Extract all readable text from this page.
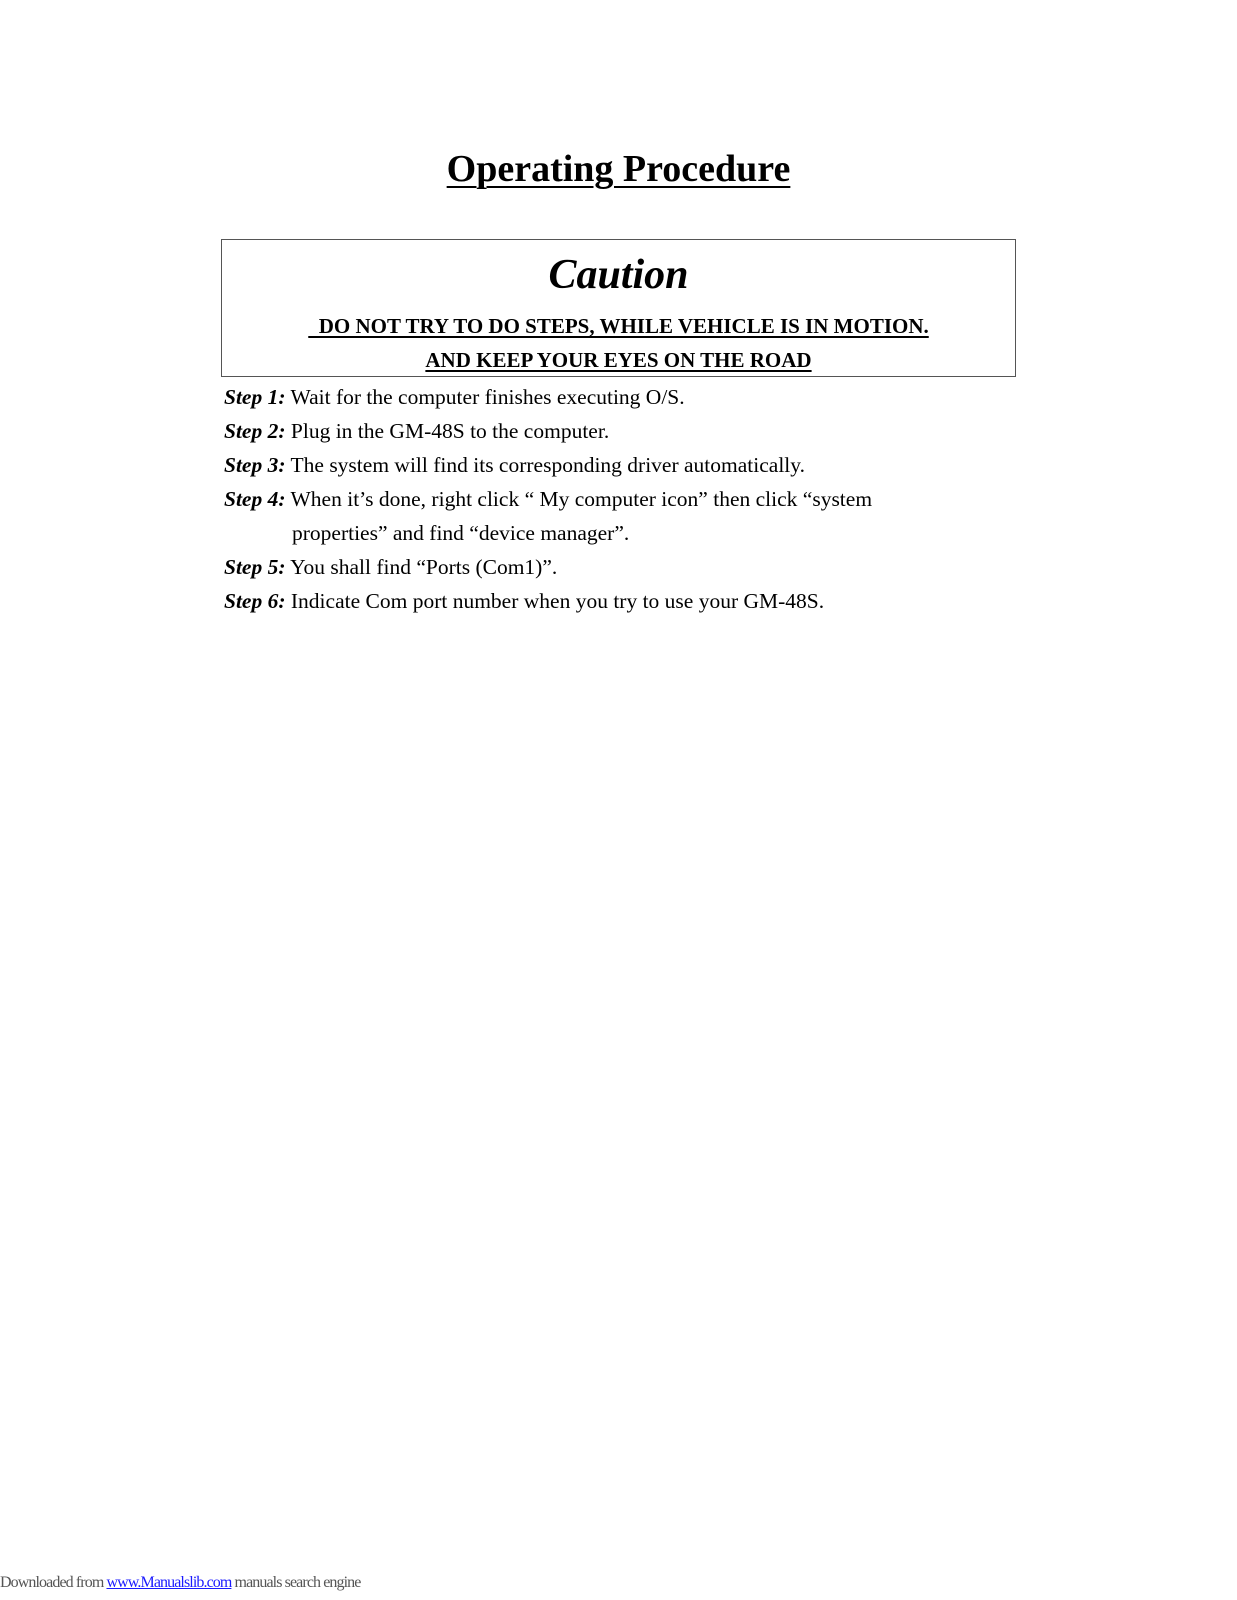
Operating Procedure
Caution
DO NOT TRY TO DO STEPS, WHILE VEHICLE IS IN MOTION.
AND KEEP YOUR EYES ON THE ROAD
Step 1: Wait for the computer finishes executing O/S.
Step 2: Plug in the GM-48S to the computer.
Step 3: The system will find its corresponding driver automatically.
Step 4: When it’s done, right click “ My computer icon” then click “system
properties” and find “device manager”.
Step 5: You shall find “Ports (Com1)”.
Step 6: Indicate Com port number when you try to use your GM-48S.
Downloaded from www.Manualslib.com manuals search engine
